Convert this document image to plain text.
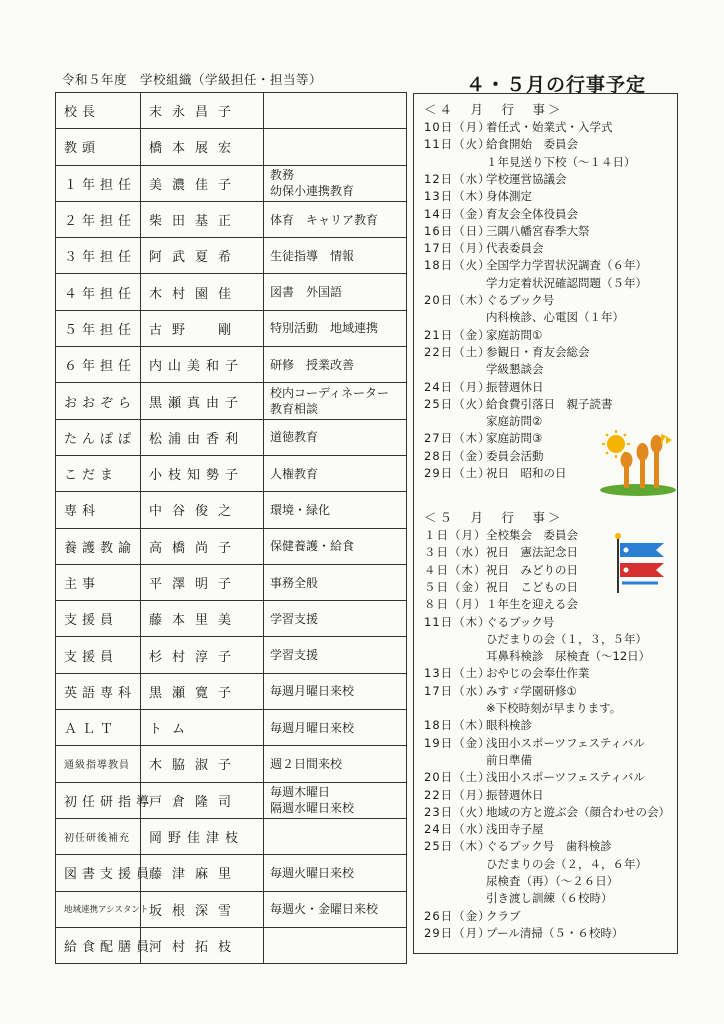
令和５年度　学校組織（学級担任・担当等）	４・５月の行事予定
校長	末永昌子	

教頭	橋本展宏	

１年担任	美濃佳子	教務
幼保小連携教育

２年担任	柴田基正	体育　キャリア教育

３年担任	阿武夏希	生徒指導　情報

４年担任	木村園佳	図書　外国語

５年担任	古野　剛	特別活動　地域連携

６年担任	内山美和子	研修　授業改善

おおぞら	黒瀬真由子	校内コーディネーター
教育相談

たんぽぽ	松浦由香利	道徳教育

こだま	小枝知勢子	人権教育

専科	中谷俊之	環境・緑化

養護教諭	高橋尚子	保健養護・給食

主事	平澤明子	事務全般

支援員	藤本里美	学習支援

支援員	杉村淳子	学習支援

英語専科	黒瀬寛子	毎週月曜日来校

ＡＬＴ	トム	毎週月曜日来校

通級指導教員	木脇淑子	週２日間来校

初任研指導	戸倉隆司	毎週木曜日
隔週水曜日来校

初任研後補充	岡野佳津枝	

図書支援員	藤津麻里	毎週火曜日来校

地域連携アシスタント	坂根深雪	毎週火・金曜日来校

給食配膳員	河村拓枝	
＜４　月　行　事＞
10日（月）着任式・始業式・入学式
11日（火）給食開始　委員会
１年見送り下校（～１４日）
12日（水）学校運営協議会
13日（木）身体測定
14日（金）育友会全体役員会
16日（日）三隅八幡宮春季大祭
17日（月）代表委員会
18日（火）全国学力学習状況調査（６年）
学力定着状況確認問題（５年）
20日（木）ぐるブック号
内科検診、心電図（１年）
21日（金）家庭訪問①
22日（土）参観日・育友会総会
学級懇談会
24日（月）振替週休日
25日（火）給食費引落日　親子読書
家庭訪問②
27日（木）家庭訪問③
28日（金）委員会活動
29日（土）祝日　昭和の日
＜５　月　行　事＞
１日（月）全校集会　委員会
３日（水）祝日　憲法記念日
４日（木）祝日　みどりの日
５日（金）祝日　こどもの日
８日（月）１年生を迎える会
11日（木）ぐるブック号
ひだまりの会（１，３，５年）
耳鼻科検診　尿検査（～12日）
13日（土）おやじの会奉仕作業
17日（水）みすゞ学園研修①
※下校時刻が早まります。
18日（木）眼科検診
19日（金）浅田小スポーツフェスティバル
前日準備
20日（土）浅田小スポーツフェスティバル
22日（月）振替週休日
23日（火）地域の方と遊ぶ会（顔合わせの会）
24日（水）浅田寺子屋
25日（木）ぐるブック号　歯科検診
ひだまりの会（２，４，６年）
尿検査（再）（～２６日）
引き渡し訓練（６校時）
26日（金）クラブ
29日（月）プール清掃（５・６校時）
